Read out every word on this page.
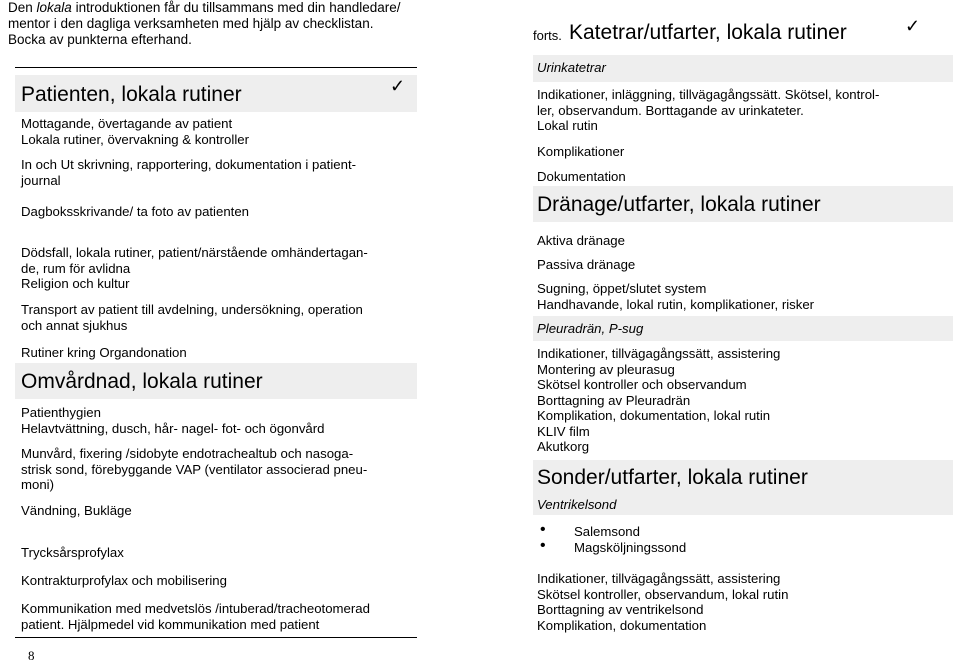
Den lokala introduktionen får du tillsammans med din handledare/
mentor i den dagliga verksamheten med hjälp av checklistan.
Bocka av punkterna efterhand.
Patienten, lokala rutiner	✓
Mottagande, övertagande av patient
Lokala rutiner, övervakning & kontroller
In och Ut skrivning, rapportering, dokumentation i patient-
journal
Dagboksskrivande/ ta foto av patienten
Dödsfall, lokala rutiner, patient/närstående omhändertagan-
de, rum för avlidna
Religion och kultur
Transport av patient till avdelning, undersökning, operation
och annat sjukhus
Rutiner kring Organdonation
Omvårdnad, lokala rutiner
Patienthygien
Helavtvättning, dusch, hår- nagel- fot- och ögonvård
Munvård, fixering /sidobyte endotrachealtub och nasoga-
strisk sond, förebyggande VAP (ventilator associerad pneu-
moni)
Vändning, Bukläge
Trycksårsprofylax
Kontrakturprofylax och mobilisering
Kommunikation med medvetslös /intuberad/tracheotomerad
patient. Hjälpmedel vid kommunikation med patient
8
forts. Katetrar/utfarter, lokala rutiner	✓
Urinkatetrar
Indikationer, inläggning, tillvägagångssätt. Skötsel, kontrol-
ler, observandum. Borttagande av urinkateter.
Lokal rutin
Komplikationer
Dokumentation
Dränage/utfarter, lokala rutiner
Aktiva dränage
Passiva dränage
Sugning, öppet/slutet system
Handhavande, lokal rutin, komplikationer, risker
Pleuradrän, P-sug
Indikationer, tillvägagångssätt, assistering
Montering av pleurasug
Skötsel kontroller och observandum
Borttagning av Pleuradrän
Komplikation, dokumentation, lokal rutin
KLIV film
Akutkorg
Sonder/utfarter, lokala rutiner
Ventrikelsond
• Salemsond
• Magsköljningssond
Indikationer, tillvägagångssätt, assistering
Skötsel kontroller, observandum, lokal rutin
Borttagning av ventrikelsond
Komplikation, dokumentation
